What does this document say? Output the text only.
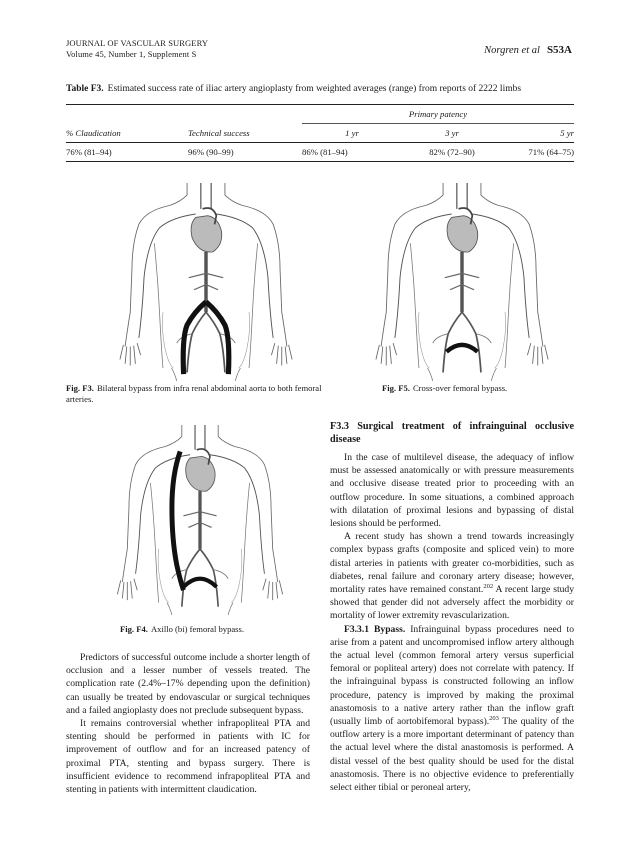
JOURNAL OF VASCULAR SURGERY
Volume 45, Number 1, Supplement S	Norgren et al S53A
Table F3. Estimated success rate of iliac artery angioplasty from weighted averages (range) from reports of 2222 limbs
		Primary patency		
% Claudication	Technical success	1 yr	3 yr	5 yr
76% (81–94)	96% (90–99)	86% (81–94)	82% (72–90)	71% (64–75)
Fig. F3. Bilateral bypass from infra renal abdominal aorta to both femoral arteries.
Fig. F5. Cross-over femoral bypass.
Fig. F4. Axillo (bi) femoral bypass.

Predictors of successful outcome include a shorter length of occlusion and a lesser number of vessels treated. The complication rate (2.4%–17% depending upon the definition) can usually be treated by endovascular or surgical techniques and a failed angioplasty does not preclude subsequent bypass.

It remains controversial whether infrapopliteal PTA and stenting should be performed in patients with IC for improvement of outflow and for an increased patency of proximal PTA, stenting and bypass surgery. There is insufficient evidence to recommend infrapopliteal PTA and stenting in patients with intermittent claudication.

F3.3 Surgical treatment of infrainguinal occlusive disease

In the case of multilevel disease, the adequacy of inflow must be assessed anatomically or with pressure measurements and occlusive disease treated prior to proceeding with an outflow procedure. In some situations, a combined approach with dilatation of proximal lesions and bypassing of distal lesions should be performed.

A recent study has shown a trend towards increasingly complex bypass grafts (composite and spliced vein) to more distal arteries in patients with greater co-morbidities, such as diabetes, renal failure and coronary artery disease; however, mortality rates have remained constant.$^{202}$ A recent large study showed that gender did not adversely affect the morbidity or mortality of lower extremity revascularization.

F3.3.1 Bypass. Infrainguinal bypass procedures need to arise from a patent and uncompromised inflow artery although the actual level (common femoral artery versus superficial femoral or popliteal artery) does not correlate with patency. If the infrainguinal bypass is constructed following an inflow procedure, patency is improved by making the proximal anastomosis to a native artery rather than the inflow graft (usually limb of aortobifemoral bypass).$^{203}$ The quality of the outflow artery is a more important determinant of patency than the actual level where the distal anastomosis is performed. A distal vessel of the best quality should be used for the distal anastomosis. There is no objective evidence to preferentially select either tibial or peroneal artery,
